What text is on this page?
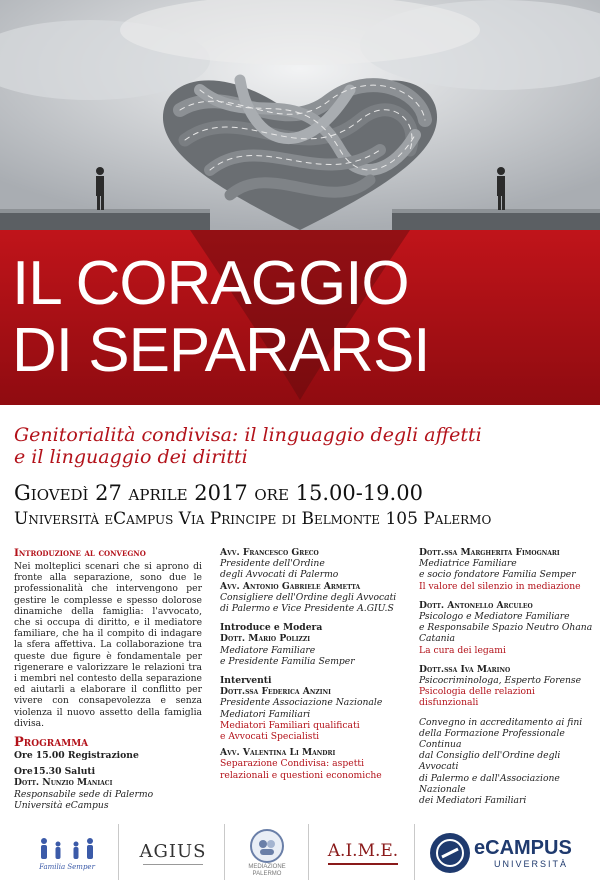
IL CORAGGIO
DI SEPARARSI
Genitorialità condivisa: il linguaggio degli affetti
e il linguaggio dei diritti
Giovedì 27 aprile 2017 ore 15.00-19.00
Università eCampus Via Principe di Belmonte 105 Palermo
Introduzione al convegno
Nei molteplici scenari che si aprono di fronte alla separazione, sono due le professionalità che intervengono per gestire le complesse e spesso dolorose dinamiche della famiglia: l'avvocato, che si occupa di diritto, e il mediatore familiare, che ha il compito di indagare la sfera affettiva. La collaborazione tra queste due figure è fondamentale per rigenerare e valorizzare le relazioni tra i membri nel contesto della separazione ed aiutarli a elaborare il conflitto per vivere con consapevolezza e senza violenza il nuovo assetto della famiglia divisa.
Programma
Ore 15.00 Registrazione
Ore15.30 Saluti
Dott. Nunzio Maniaci
Responsabile sede di Palermo
Università eCampus
Avv. Francesco Greco
Presidente dell'Ordine
degli Avvocati di Palermo
Avv. Antonio Gabriele Armetta
Consigliere dell'Ordine degli Avvocati
di Palermo e Vice Presidente A.GIU.S
Introduce e Modera
Dott. Mario Polizzi
Mediatore Familiare
e Presidente Familia Semper
Interventi
Dott.ssa Federica Anzini
Presidente Associazione Nazionale
Mediatori Familiari
Mediatori Familiari qualificati
e Avvocati Specialisti
Avv. Valentina Li Mandri
Separazione Condivisa: aspetti
relazionali e questioni economiche
Dott.ssa Margherita Fimognari
Mediatrice Familiare
e socio fondatore Familia Semper
Il valore del silenzio in mediazione
Dott. Antonello Arculeo
Psicologo e Mediatore Familiare
e Responsabile Spazio Neutro Ohana Catania
La cura dei legami
Dott.ssa Iva Marino
Psicocriminologa, Esperto Forense
Psicologia delle relazioni disfunzionali
Convegno in accreditamento ai fini
della Formazione Professionale Continua
dal Consiglio dell'Ordine degli Avvocati
di Palermo e dall'Associazione Nazionale
dei Mediatori Familiari
Familia Semper
AGIUS
MEDIAZIONE
PALERMO
A.I.M.E.	eCAMPUS
UNIVERSITÀ
